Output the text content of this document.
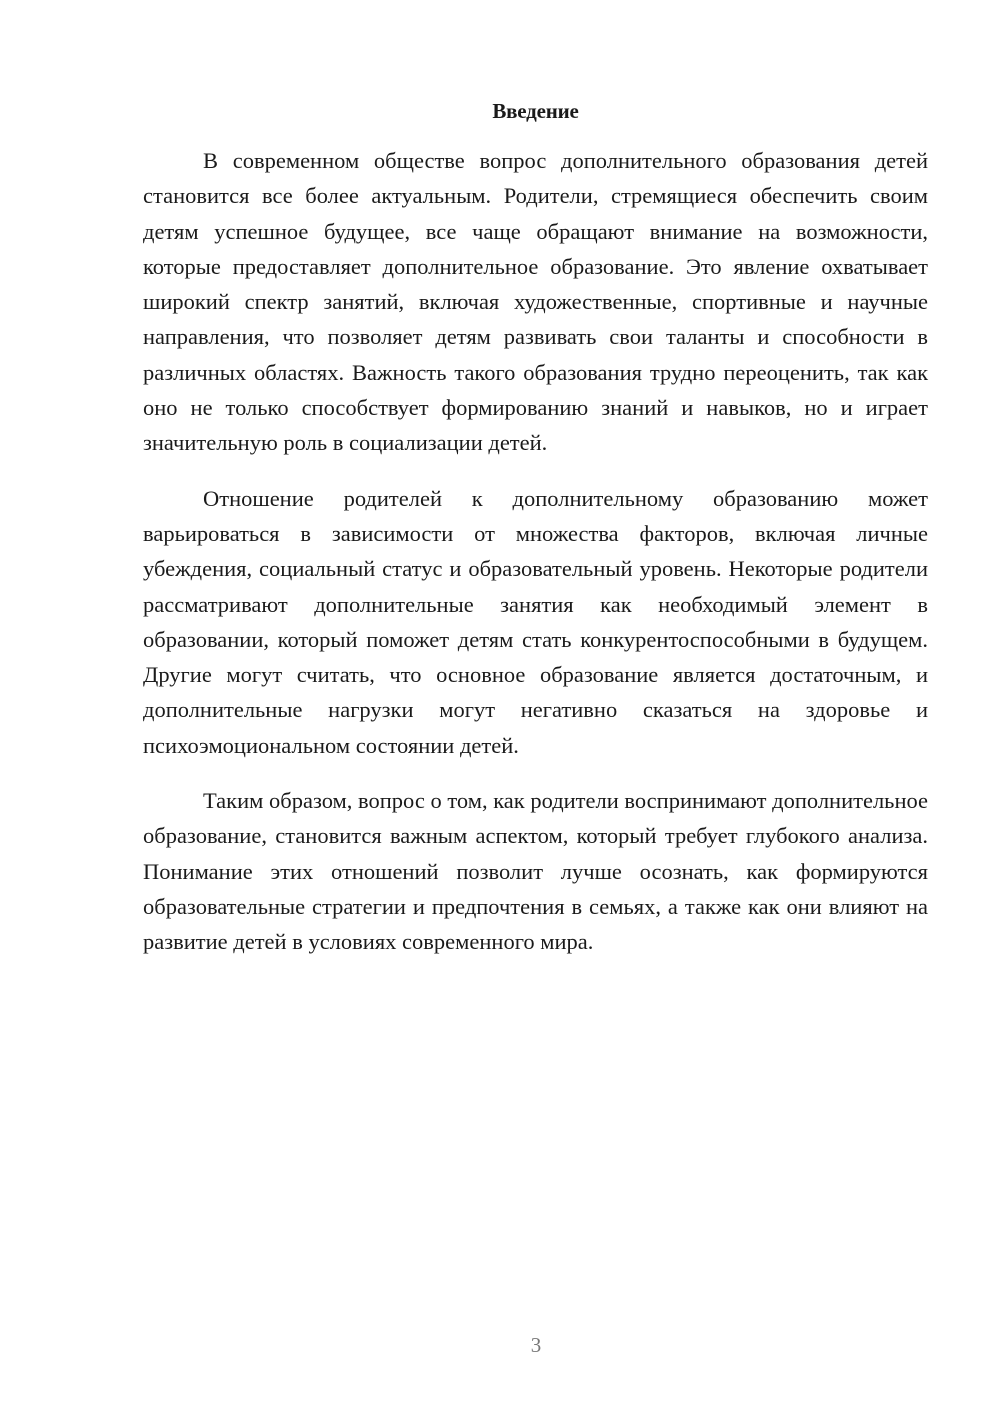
Введение

В современном обществе вопрос дополнительного образования детей становится все более актуальным. Родители, стремящиеся обеспечить своим детям успешное будущее, все чаще обращают внимание на возможности, которые предоставляет дополнительное образование. Это явление охватывает широкий спектр занятий, включая художественные, спортивные и научные направления, что позволяет детям развивать свои таланты и способности в различных областях. Важность такого образования трудно переоценить, так как оно не только способствует формированию знаний и навыков, но и играет значительную роль в социализации детей.

Отношение родителей к дополнительному образованию может варьироваться в зависимости от множества факторов, включая личные убеждения, социальный статус и образовательный уровень. Некоторые родители рассматривают дополнительные занятия как необходимый элемент в образовании, который поможет детям стать конкурентоспособными в будущем. Другие могут считать, что основное образование является достаточным, и дополнительные нагрузки могут негативно сказаться на здоровье и психоэмоциональном состоянии детей.

Таким образом, вопрос о том, как родители воспринимают дополнительное образование, становится важным аспектом, который требует глубокого анализа. Понимание этих отношений позволит лучше осознать, как формируются образовательные стратегии и предпочтения в семьях, а также как они влияют на развитие детей в условиях современного мира.

3
